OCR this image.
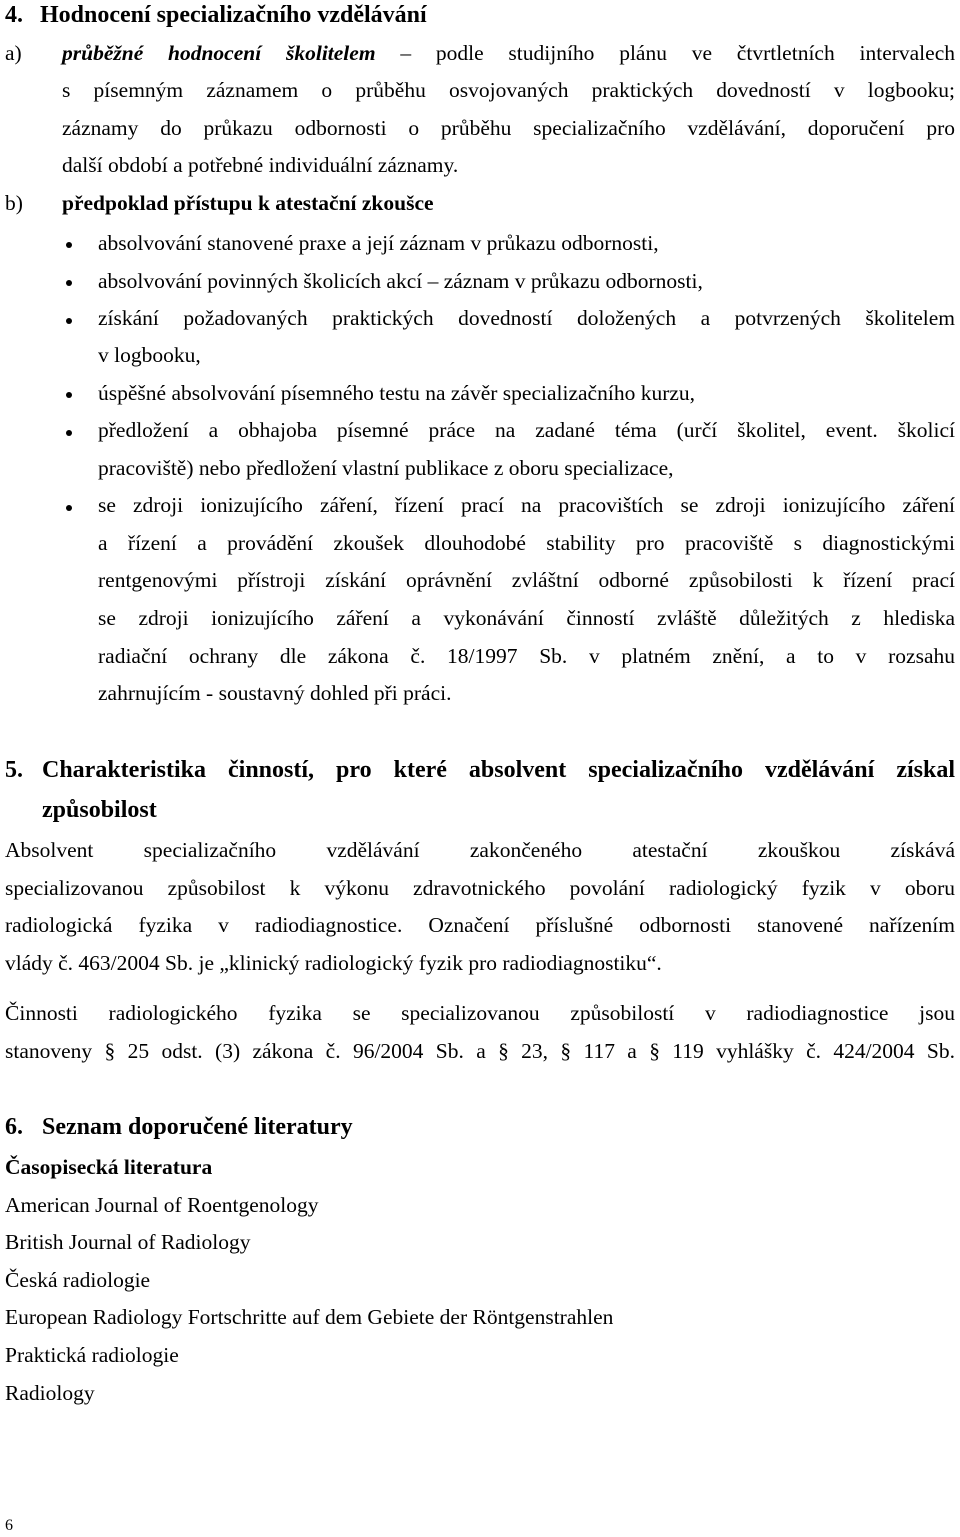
4. Hodnocení specializačního vzdělávání
a) průběžné hodnocení školitelem – podle studijního plánu ve čtvrtletních intervalech
s písemným záznamem o průběhu osvojovaných praktických dovedností v logbooku;
záznamy do průkazu odbornosti o průběhu specializačního vzdělávání, doporučení pro
další období a potřebné individuální záznamy.
b) předpoklad přístupu k atestační zkoušce
absolvování stanovené praxe a její záznam v průkazu odbornosti,
absolvování povinných školicích akcí – záznam v průkazu odbornosti,
získání požadovaných praktických dovedností doložených a potvrzených školitelem
v logbooku,
úspěšné absolvování písemného testu na závěr specializačního kurzu,
předložení a obhajoba písemné práce na zadané téma (určí školitel, event. školicí
pracoviště) nebo předložení vlastní publikace z oboru specializace,
se zdroji ionizujícího záření, řízení prací na pracovištích se zdroji ionizujícího záření
a řízení a provádění zkoušek dlouhodobé stability pro pracoviště s diagnostickými
rentgenovými přístroji získání oprávnění zvláštní odborné způsobilosti k řízení prací
se zdroji ionizujícího záření a vykonávání činností zvláště důležitých z hlediska
radiační ochrany dle zákona č. 18/1997 Sb. v platném znění, a to v rozsahu
zahrnujícím - soustavný dohled při práci.
5. Charakteristika činností, pro které absolvent specializačního vzdělávání získal
způsobilost
Absolvent specializačního vzdělávání zakončeného atestační zkouškou získává
specializovanou způsobilost k výkonu zdravotnického povolání radiologický fyzik v oboru
radiologická fyzika v radiodiagnostice. Označení příslušné odbornosti stanovené nařízením
vlády č. 463/2004 Sb. je „klinický radiologický fyzik pro radiodiagnostiku“.
Činnosti radiologického fyzika se specializovanou způsobilostí v radiodiagnostice jsou
stanoveny § 25 odst. (3) zákona č. 96/2004 Sb. a § 23, § 117 a § 119 vyhlášky č. 424/2004 Sb.
6. Seznam doporučené literatury
Časopisecká literatura
American Journal of Roentgenology
British Journal of Radiology
Česká radiologie
European Radiology Fortschritte auf dem Gebiete der Röntgenstrahlen
Praktická radiologie
Radiology
6
